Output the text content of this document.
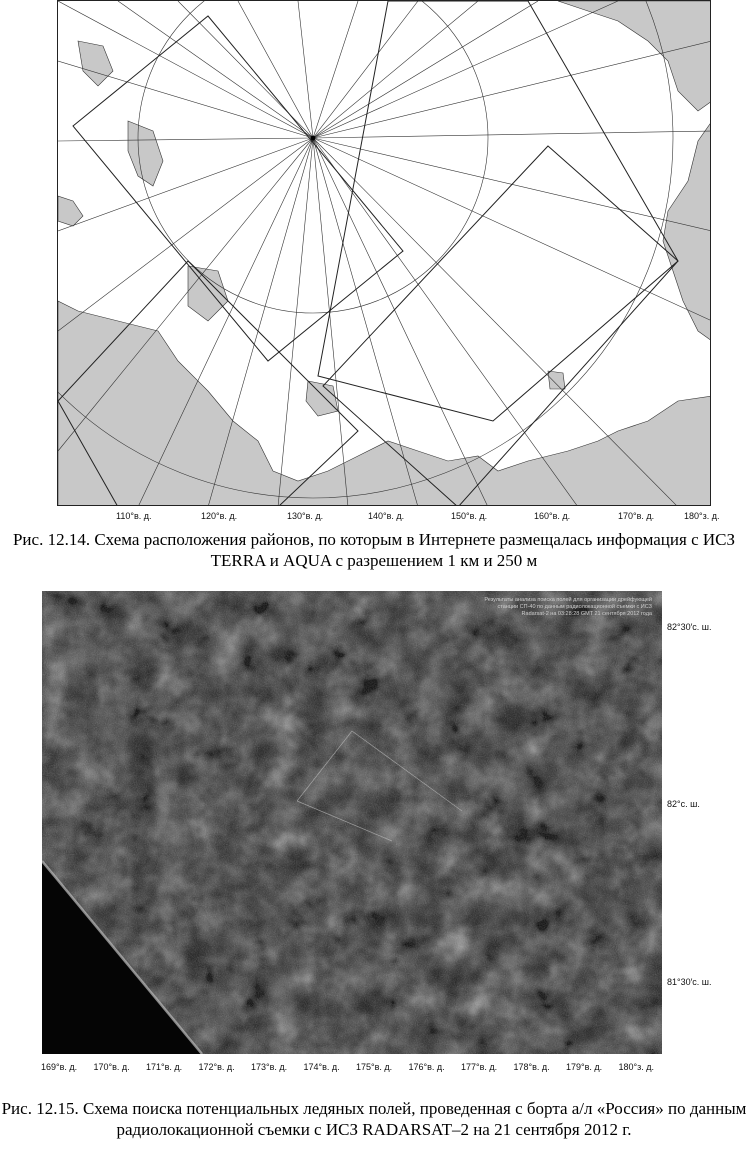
110°в. д.	120°в. д.	130°в. д.	140°в. д.	150°в. д.	160°в. д.	170°в. д.	180°з. д.
Рис. 12.14. Схема расположения районов, по которым в Интернете размещалась информация с ИСЗ TERRA и AQUA с разрешением 1 км и 250 м
Результаты анализа поиска полей для организации дрейфующей станции СП-40 по данным радиолокационной съемки с ИСЗ Radarsat-2 на 03:28:28 GMT 21 сентября 2012 года
82°30′с. ш.
82°с. ш.
81°30′с. ш.
169°в. д. 170°в. д. 171°в. д. 172°в. д. 173°в. д. 174°в. д. 175°в. д. 176°в. д. 177°в. д. 178°в. д. 179°в. д. 180°з. д.
Рис. 12.15. Схема поиска потенциальных ледяных полей, проведенная с борта а/л «Россия» по данным радиолокационной съемки с ИСЗ RADARSAT–2 на 21 сентября 2012 г.
